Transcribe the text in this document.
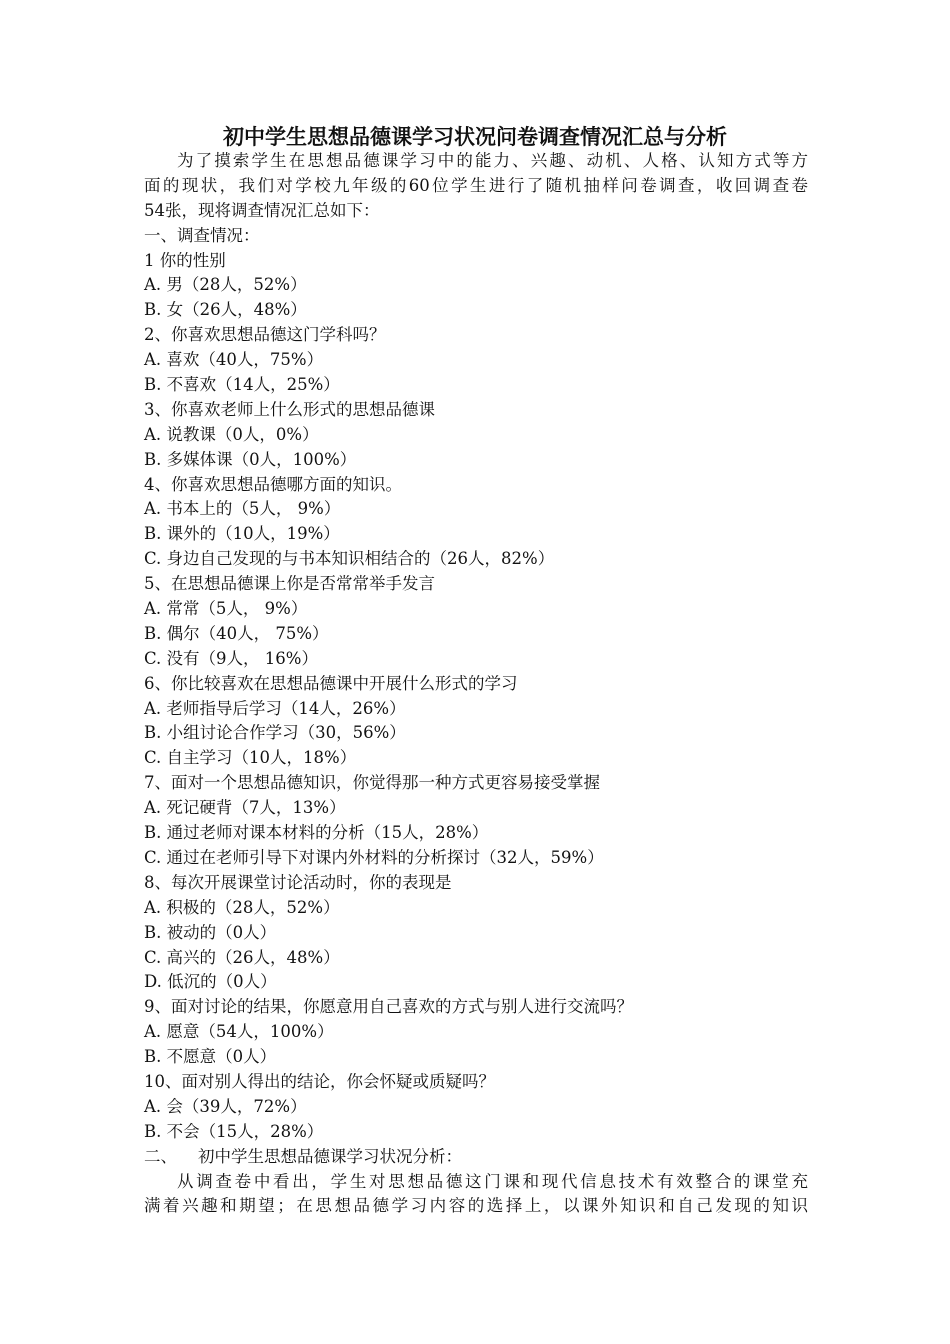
初中学生思想品德课学习状况问卷调查情况汇总与分析
为了摸索学生在思想品德课学习中的能力、兴趣、动机、人格、认知方式等方
面的现状，我们对学校九年级的60位学生进行了随机抽样问卷调查，收回调查卷
54张，现将调查情况汇总如下：
一、调查情况：
1 你的性别
A. 男（28人，52%）
B. 女（26人，48%）
2、你喜欢思想品德这门学科吗？
A. 喜欢（40人，75%）
B. 不喜欢（14人，25%）
3、你喜欢老师上什么形式的思想品德课
A. 说教课（0人，0%）
B. 多媒体课（0人，100%）
4、你喜欢思想品德哪方面的知识。
A. 书本上的（5人， 9%）
B. 课外的（10人，19%）
C. 身边自己发现的与书本知识相结合的（26人，82%）
5、在思想品德课上你是否常常举手发言
A. 常常（5人， 9%）
B. 偶尔（40人， 75%）
C. 没有（9人， 16%）
6、你比较喜欢在思想品德课中开展什么形式的学习
A. 老师指导后学习（14人，26%）
B. 小组讨论合作学习（30，56%）
C. 自主学习（10人，18%）
7、面对一个思想品德知识，你觉得那一种方式更容易接受掌握
A. 死记硬背（7人，13%）
B. 通过老师对课本材料的分析（15人，28%）
C. 通过在老师引导下对课内外材料的分析探讨（32人，59%）
8、每次开展课堂讨论活动时，你的表现是
A. 积极的（28人，52%）
B. 被动的（0人）
C. 高兴的（26人，48%）
D. 低沉的（0人）
9、面对讨论的结果，你愿意用自己喜欢的方式与别人进行交流吗？
A. 愿意（54人，100%）
B. 不愿意（0人）
10、面对别人得出的结论，你会怀疑或质疑吗？
A. 会（39人，72%）
B. 不会（15人，28%）
二、    初中学生思想品德课学习状况分析：
从调查卷中看出，学生对思想品德这门课和现代信息技术有效整合的课堂充
满着兴趣和期望；在思想品德学习内容的选择上，以课外知识和自己发现的知识
